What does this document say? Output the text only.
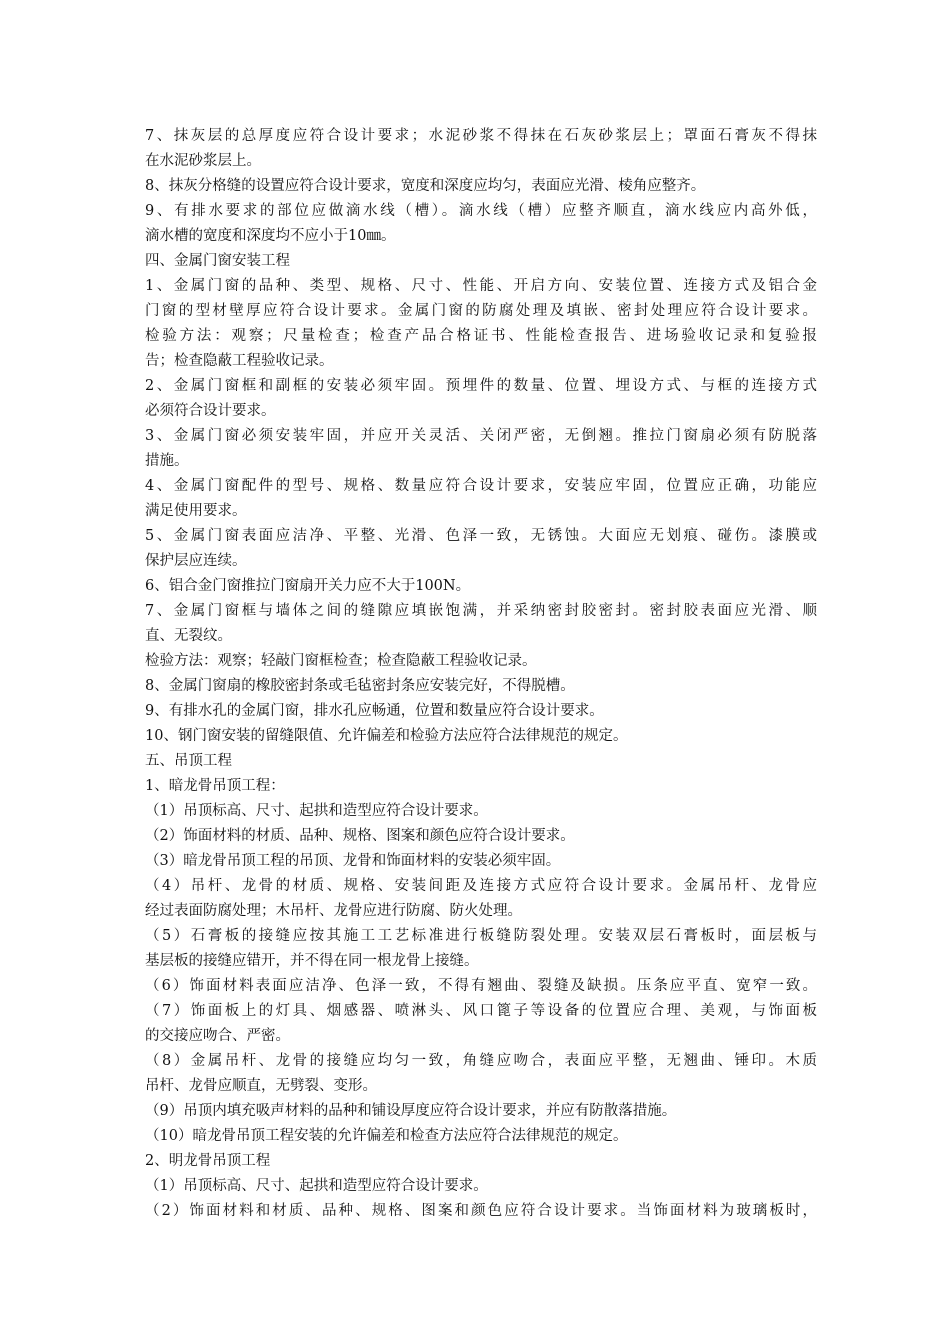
7、抹灰层的总厚度应符合设计要求；水泥砂浆不得抹在石灰砂浆层上；罩面石膏灰不得抹
在水泥砂浆层上。
8、抹灰分格缝的设置应符合设计要求，宽度和深度应均匀，表面应光滑、棱角应整齐。
9、有排水要求的部位应做滴水线（槽）。滴水线（槽）应整齐顺直，滴水线应内高外低，
滴水槽的宽度和深度均不应小于10㎜。
四、金属门窗安装工程
1、金属门窗的品种、类型、规格、尺寸、性能、开启方向、安装位置、连接方式及铝合金
门窗的型材壁厚应符合设计要求。金属门窗的防腐处理及填嵌、密封处理应符合设计要求。
检验方法：观察；尺量检查；检查产品合格证书、性能检查报告、进场验收记录和复验报
告；检查隐蔽工程验收记录。
2、金属门窗框和副框的安装必须牢固。预埋件的数量、位置、埋设方式、与框的连接方式
必须符合设计要求。
3、金属门窗必须安装牢固，并应开关灵活、关闭严密，无倒翘。推拉门窗扇必须有防脱落
措施。
4、金属门窗配件的型号、规格、数量应符合设计要求，安装应牢固，位置应正确，功能应
满足使用要求。
5、金属门窗表面应洁净、平整、光滑、色泽一致，无锈蚀。大面应无划痕、碰伤。漆膜或
保护层应连续。
6、铝合金门窗推拉门窗扇开关力应不大于100N。
7、金属门窗框与墙体之间的缝隙应填嵌饱满，并采纳密封胶密封。密封胶表面应光滑、顺
直、无裂纹。
检验方法：观察；轻敲门窗框检查；检查隐蔽工程验收记录。
8、金属门窗扇的橡胶密封条或毛毡密封条应安装完好，不得脱槽。
9、有排水孔的金属门窗，排水孔应畅通，位置和数量应符合设计要求。
10、钢门窗安装的留缝限值、允许偏差和检验方法应符合法律规范的规定。
五、吊顶工程
1、暗龙骨吊顶工程：
（1）吊顶标高、尺寸、起拱和造型应符合设计要求。
（2）饰面材料的材质、品种、规格、图案和颜色应符合设计要求。
（3）暗龙骨吊顶工程的吊顶、龙骨和饰面材料的安装必须牢固。
（4）吊杆、龙骨的材质、规格、安装间距及连接方式应符合设计要求。金属吊杆、龙骨应
经过表面防腐处理；木吊杆、龙骨应进行防腐、防火处理。
（5）石膏板的接缝应按其施工工艺标准进行板缝防裂处理。安装双层石膏板时，面层板与
基层板的接缝应错开，并不得在同一根龙骨上接缝。
（6）饰面材料表面应洁净、色泽一致，不得有翘曲、裂缝及缺损。压条应平直、宽窄一致。
（7）饰面板上的灯具、烟感器、喷淋头、风口篦子等设备的位置应合理、美观，与饰面板
的交接应吻合、严密。
（8）金属吊杆、龙骨的接缝应均匀一致，角缝应吻合，表面应平整，无翘曲、锤印。木质
吊杆、龙骨应顺直，无劈裂、变形。
（9）吊顶内填充吸声材料的品种和铺设厚度应符合设计要求，并应有防散落措施。
（10）暗龙骨吊顶工程安装的允许偏差和检查方法应符合法律规范的规定。
2、明龙骨吊顶工程
（1）吊顶标高、尺寸、起拱和造型应符合设计要求。
（2）饰面材料和材质、品种、规格、图案和颜色应符合设计要求。当饰面材料为玻璃板时，
